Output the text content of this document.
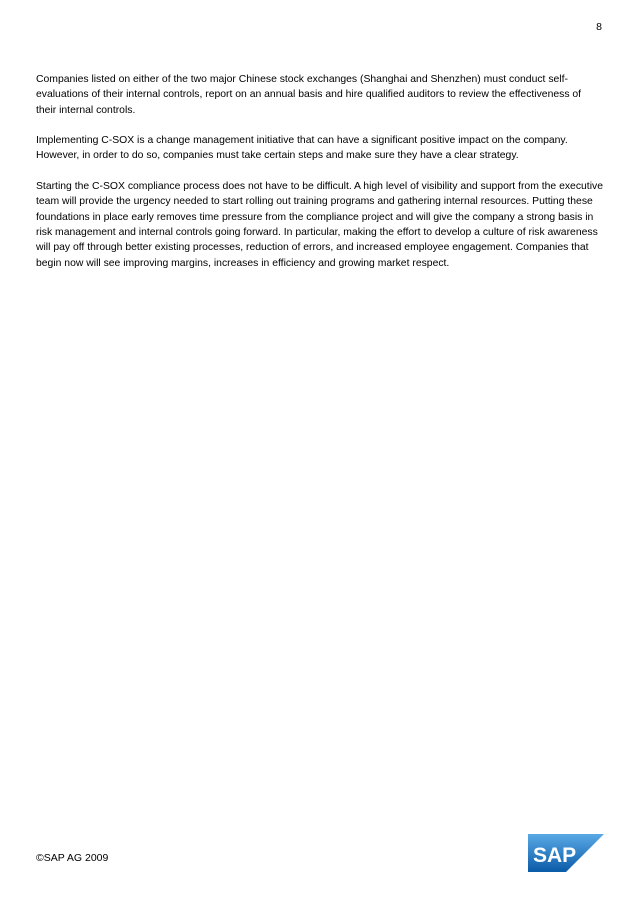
8

Companies listed on either of the two major Chinese stock exchanges (Shanghai and Shenzhen) must conduct self-evaluations of their internal controls, report on an annual basis and hire qualified auditors to review the effectiveness of their internal controls.

Implementing C-SOX is a change management initiative that can have a significant positive impact on the company. However, in order to do so, companies must take certain steps and make sure they have a clear strategy.

Starting the C-SOX compliance process does not have to be difficult. A high level of visibility and support from the executive team will provide the urgency needed to start rolling out training programs and gathering internal resources. Putting these foundations in place early removes time pressure from the compliance project and will give the company a strong basis in risk management and internal controls going forward. In particular, making the effort to develop a culture of risk awareness will pay off through better existing processes, reduction of errors, and increased employee engagement. Companies that begin now will see improving margins, increases in efficiency and growing market respect.

©SAP AG 2009	SAP
